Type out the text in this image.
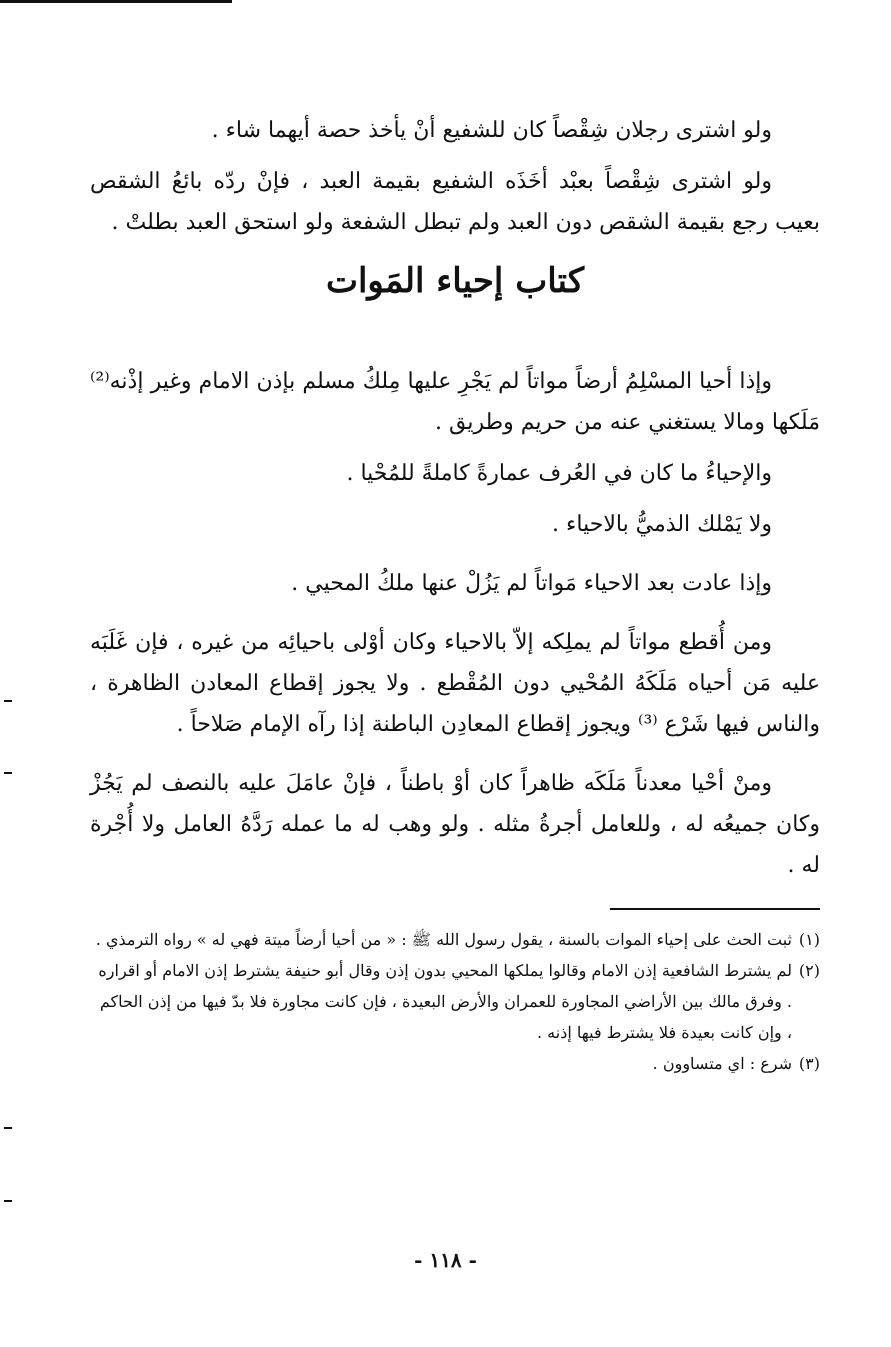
ولو اشترى رجلان شِقْصاً كان للشفيع أنْ يأخذ حصة أيهما شاء .

ولو اشترى شِقْصاً بعبْد أخَذَه الشفيع بقيمة العبد ، فإنْ ردّه بائعُ الشقص بعيب رجع بقيمة الشقص دون العبد ولم تبطل الشفعة ولو استحق العبد بطلتْ .

كتاب إحياء المَوات

وإذا أحيا المسْلِمُ أرضاً مواتاً لم يَجْرِ عليها مِلكُ مسلم بإذن الامام وغير إذْنه⁽²⁾ مَلَكها ومالا يستغني عنه من حريم وطريق .

والإحياءُ ما كان في العُرف عمارةً كاملةً للمُحْيا .

ولا يَمْلك الذميُّ بالاحياء .

وإذا عادت بعد الاحياء مَواتاً لم يَزُلْ عنها ملكُ المحيي .

ومن أُقطع مواتاً لم يملِكه إلاّ بالاحياء وكان أوْلى باحيائِه من غيره ، فإن غَلَبَه عليه مَن أحياه مَلَكَهُ المُحْيي دون المُقْطع . ولا يجوز إقطاع المعادن الظاهرة ، والناس فيها شَرْع ⁽³⁾ ويجوز إقطاع المعادِن الباطنة إذا رآه الإمام صَلاحاً .

ومنْ أحْيا معدناً مَلَكَه ظاهراً كان أوْ باطناً ، فإنْ عامَلَ عليه بالنصف لم يَجُزْ وكان جميعُه له ، وللعامل أجرةُ مثله . ولو وهب له ما عمله رَدَّهُ العامل ولا أُجْرة له .

(١)
ثبت الحث على إحياء الموات بالسنة ، يقول رسول الله ﷺ : « من أحيا أرضاً ميتة فهي له » رواه الترمذي .

(٢)
لم يشترط الشافعية إذن الامام وقالوا يملكها المحيي بدون إذن وقال أبو حنيفة يشترط إذن الامام أو اقراره . وفرق مالك بين الأراضي المجاورة للعمران والأرض البعيدة ، فإن كانت مجاورة فلا بدّ فيها من إذن الحاكم ، وإن كانت بعيدة فلا يشترط فيها إذنه .

(٣)
شرع : اي متساوون .

- ١١٨ -
